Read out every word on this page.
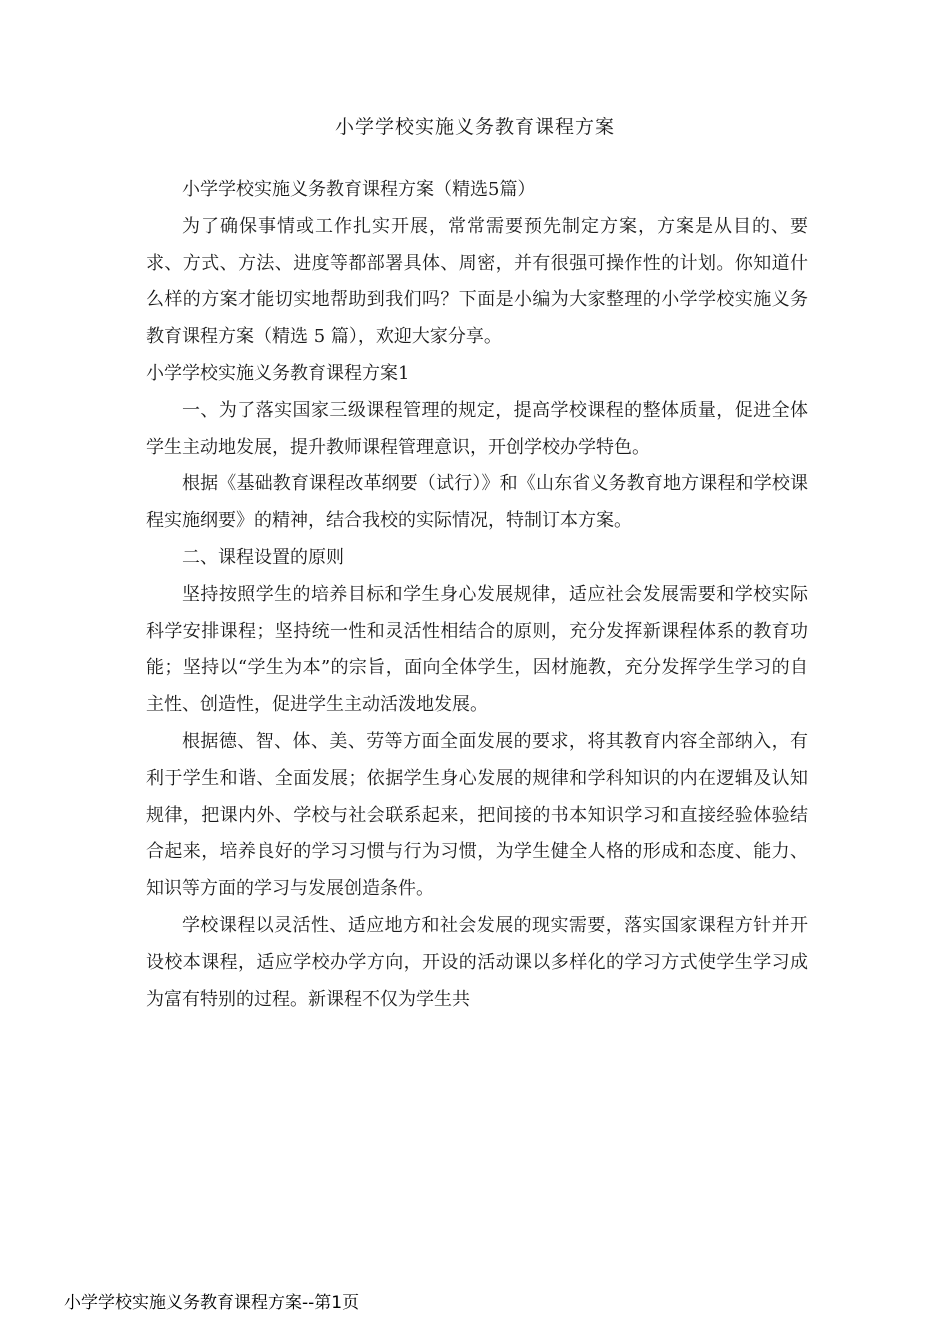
小学学校实施义务教育课程方案

小学学校实施义务教育课程方案（精选5篇）

为了确保事情或工作扎实开展，常常需要预先制定方案，方案是从目的、要求、方式、方法、进度等都部署具体、周密，并有很强可操作性的计划。你知道什么样的方案才能切实地帮助到我们吗？下面是小编为大家整理的小学学校实施义务教育课程方案（精选 5 篇），欢迎大家分享。

小学学校实施义务教育课程方案1

一、为了落实国家三级课程管理的规定，提高学校课程的整体质量，促进全体学生主动地发展，提升教师课程管理意识，开创学校办学特色。

根据《基础教育课程改革纲要（试行）》和《山东省义务教育地方课程和学校课程实施纲要》的精神，结合我校的实际情况，特制订本方案。

二、课程设置的原则

坚持按照学生的培养目标和学生身心发展规律，适应社会发展需要和学校实际科学安排课程；坚持统一性和灵活性相结合的原则，充分发挥新课程体系的教育功能；坚持以“学生为本”的宗旨，面向全体学生，因材施教，充分发挥学生学习的自主性、创造性，促进学生主动活泼地发展。

根据德、智、体、美、劳等方面全面发展的要求，将其教育内容全部纳入，有利于学生和谐、全面发展；依据学生身心发展的规律和学科知识的内在逻辑及认知规律，把课内外、学校与社会联系起来，把间接的书本知识学习和直接经验体验结合起来，培养良好的学习习惯与行为习惯，为学生健全人格的形成和态度、能力、知识等方面的学习与发展创造条件。

学校课程以灵活性、适应地方和社会发展的现实需要，落实国家课程方针并开设校本课程，适应学校办学方向，开设的活动课以多样化的学习方式使学生学习成为富有特别的过程。新课程不仅为学生共

小学学校实施义务教育课程方案--第1页
